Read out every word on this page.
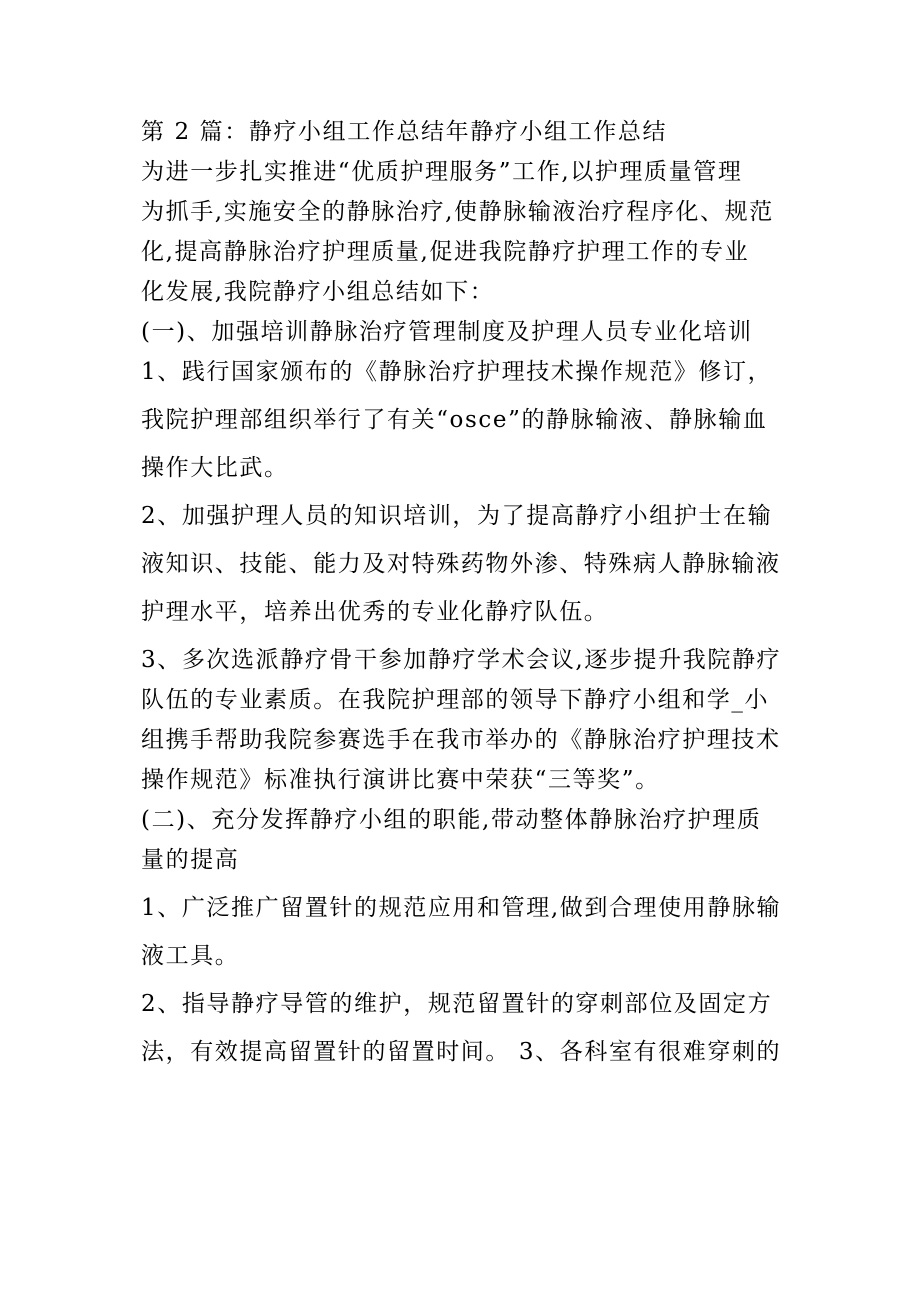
第 2 篇：静疗小组工作总结年静疗小组工作总结

为进一步扎实推进“优质护理服务”工作,以护理质量管理

为抓手,实施安全的静脉治疗,使静脉输液治疗程序化、规范

化,提高静脉治疗护理质量,促进我院静疗护理工作的专业

化发展,我院静疗小组总结如下：

(一)、加强培训静脉治疗管理制度及护理人员专业化培训

1、践行国家颁布的《静脉治疗护理技术操作规范》修订，

我院护理部组织举行了有关“osce”的静脉输液、静脉输血

操作大比武。

2、加强护理人员的知识培训，为了提高静疗小组护士在输

液知识、技能、能力及对特殊药物外渗、特殊病人静脉输液

护理水平，培养出优秀的专业化静疗队伍。

3、多次选派静疗骨干参加静疗学术会议,逐步提升我院静疗

队伍的专业素质。在我院护理部的领导下静疗小组和学_小

组携手帮助我院参赛选手在我市举办的《静脉治疗护理技术

操作规范》标准执行演讲比赛中荣获“三等奖”。

(二)、充分发挥静疗小组的职能,带动整体静脉治疗护理质

量的提高

1、广泛推广留置针的规范应用和管理,做到合理使用静脉输

液工具。

2、指导静疗导管的维护，规范留置针的穿刺部位及固定方

法，有效提高留置针的留置时间。 3、各科室有很难穿刺的
